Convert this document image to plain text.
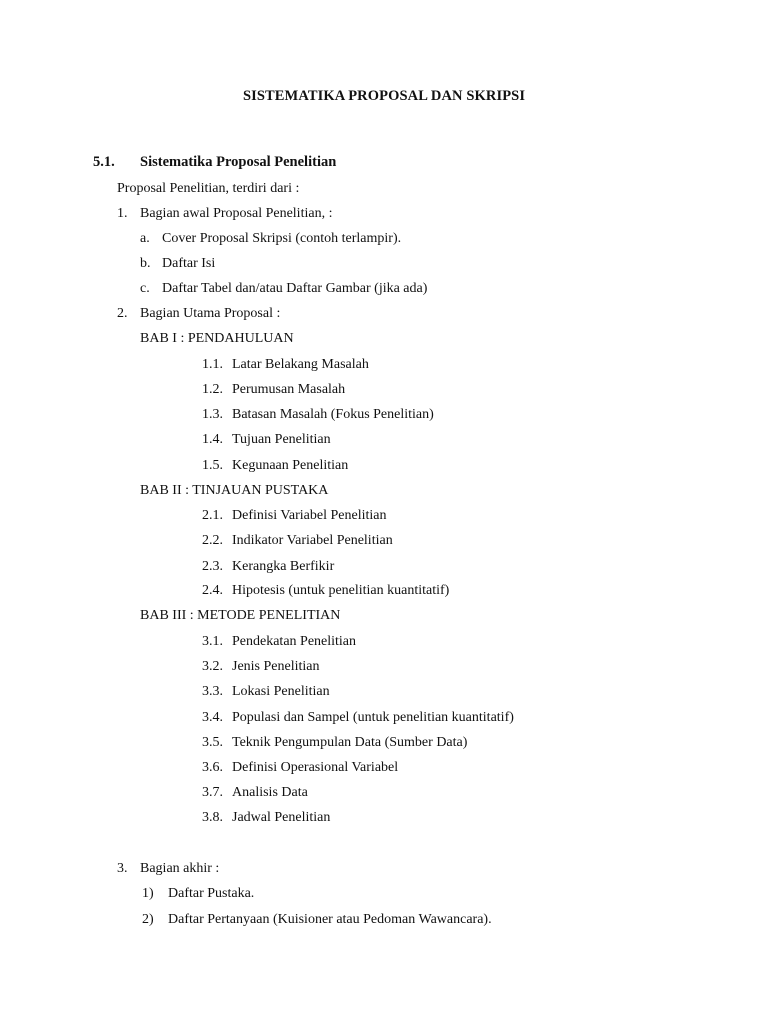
SISTEMATIKA PROPOSAL DAN SKRIPSI
5.1. Sistematika Proposal Penelitian
Proposal Penelitian, terdiri dari :
1. Bagian awal Proposal Penelitian, :
a. Cover Proposal Skripsi (contoh terlampir).
b. Daftar Isi
c. Daftar Tabel dan/atau Daftar Gambar (jika ada)
2. Bagian Utama Proposal :
BAB I : PENDAHULUAN
1.1. Latar Belakang Masalah
1.2. Perumusan Masalah
1.3. Batasan Masalah (Fokus Penelitian)
1.4. Tujuan Penelitian
1.5. Kegunaan Penelitian
BAB II : TINJAUAN PUSTAKA
2.1. Definisi Variabel Penelitian
2.2. Indikator Variabel Penelitian
2.3. Kerangka Berfikir
2.4. Hipotesis (untuk penelitian kuantitatif)
BAB III : METODE PENELITIAN
3.1. Pendekatan Penelitian
3.2. Jenis Penelitian
3.3. Lokasi Penelitian
3.4. Populasi dan Sampel (untuk penelitian kuantitatif)
3.5. Teknik Pengumpulan Data (Sumber Data)
3.6. Definisi Operasional Variabel
3.7. Analisis Data
3.8. Jadwal Penelitian
3. Bagian akhir :
1) Daftar Pustaka.
2) Daftar Pertanyaan (Kuisioner atau Pedoman Wawancara).
